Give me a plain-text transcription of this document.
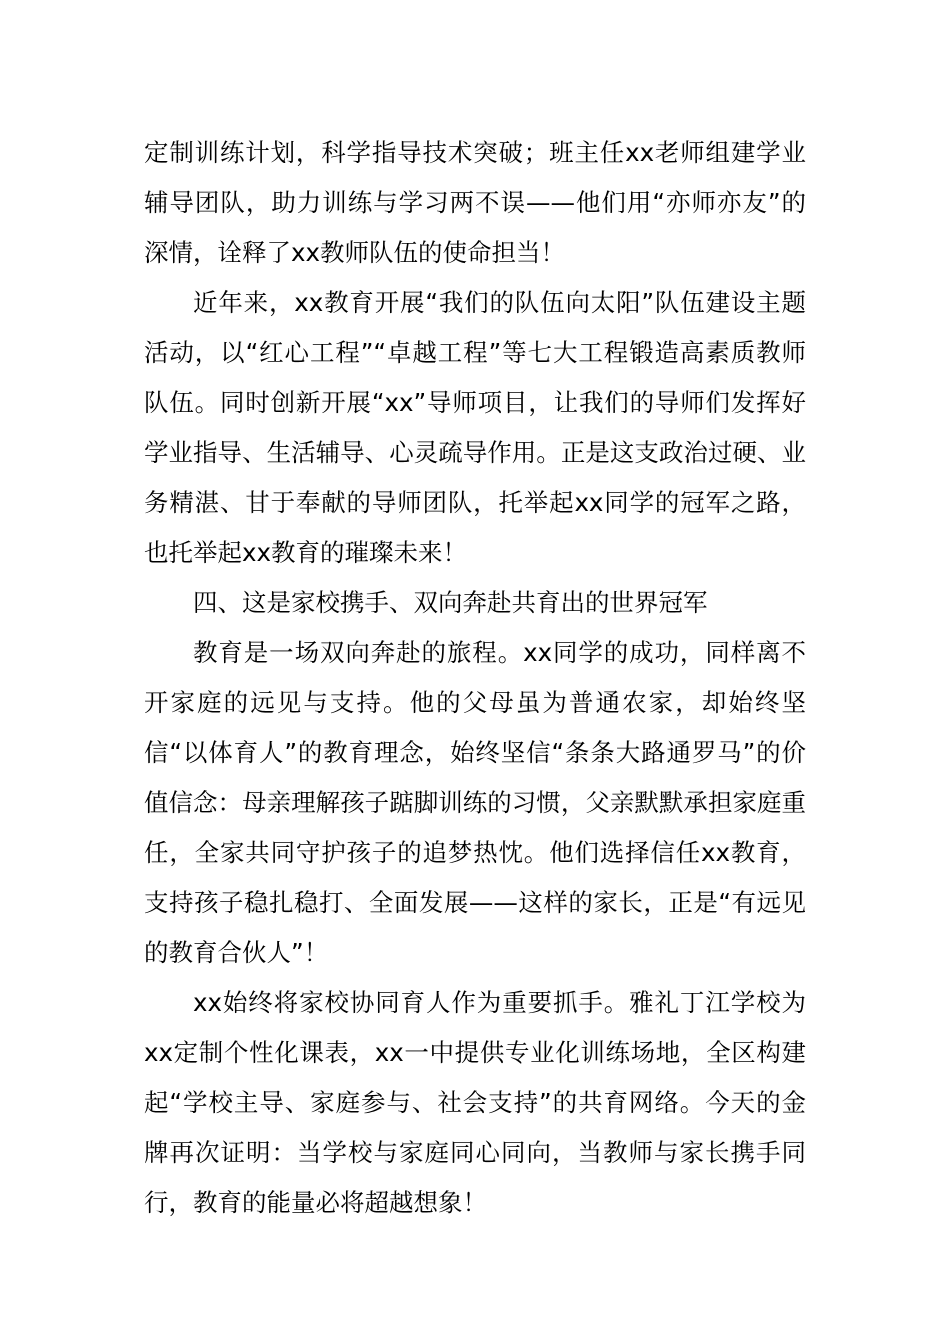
定制训练计划，科学指导技术突破；班主任xx老师组建学业辅导团队，助力训练与学习两不误——他们用“亦师亦友”的深情，诠释了xx教师队伍的使命担当！

近年来，xx教育开展“我们的队伍向太阳”队伍建设主题活动，以“红心工程”“卓越工程”等七大工程锻造高素质教师队伍。同时创新开展“xx”导师项目，让我们的导师们发挥好学业指导、生活辅导、心灵疏导作用。正是这支政治过硬、业务精湛、甘于奉献的导师团队，托举起xx同学的冠军之路，也托举起xx教育的璀璨未来！

四、这是家校携手、双向奔赴共育出的世界冠军

教育是一场双向奔赴的旅程。xx同学的成功，同样离不开家庭的远见与支持。他的父母虽为普通农家，却始终坚信“以体育人”的教育理念，始终坚信“条条大路通罗马”的价值信念：母亲理解孩子踮脚训练的习惯，父亲默默承担家庭重任，全家共同守护孩子的追梦热忱。他们选择信任xx教育，支持孩子稳扎稳打、全面发展——这样的家长，正是“有远见的教育合伙人”！

xx始终将家校协同育人作为重要抓手。雅礼丁江学校为xx定制个性化课表，xx一中提供专业化训练场地，全区构建起“学校主导、家庭参与、社会支持”的共育网络。今天的金牌再次证明：当学校与家庭同心同向，当教师与家长携手同行，教育的能量必将超越想象！
